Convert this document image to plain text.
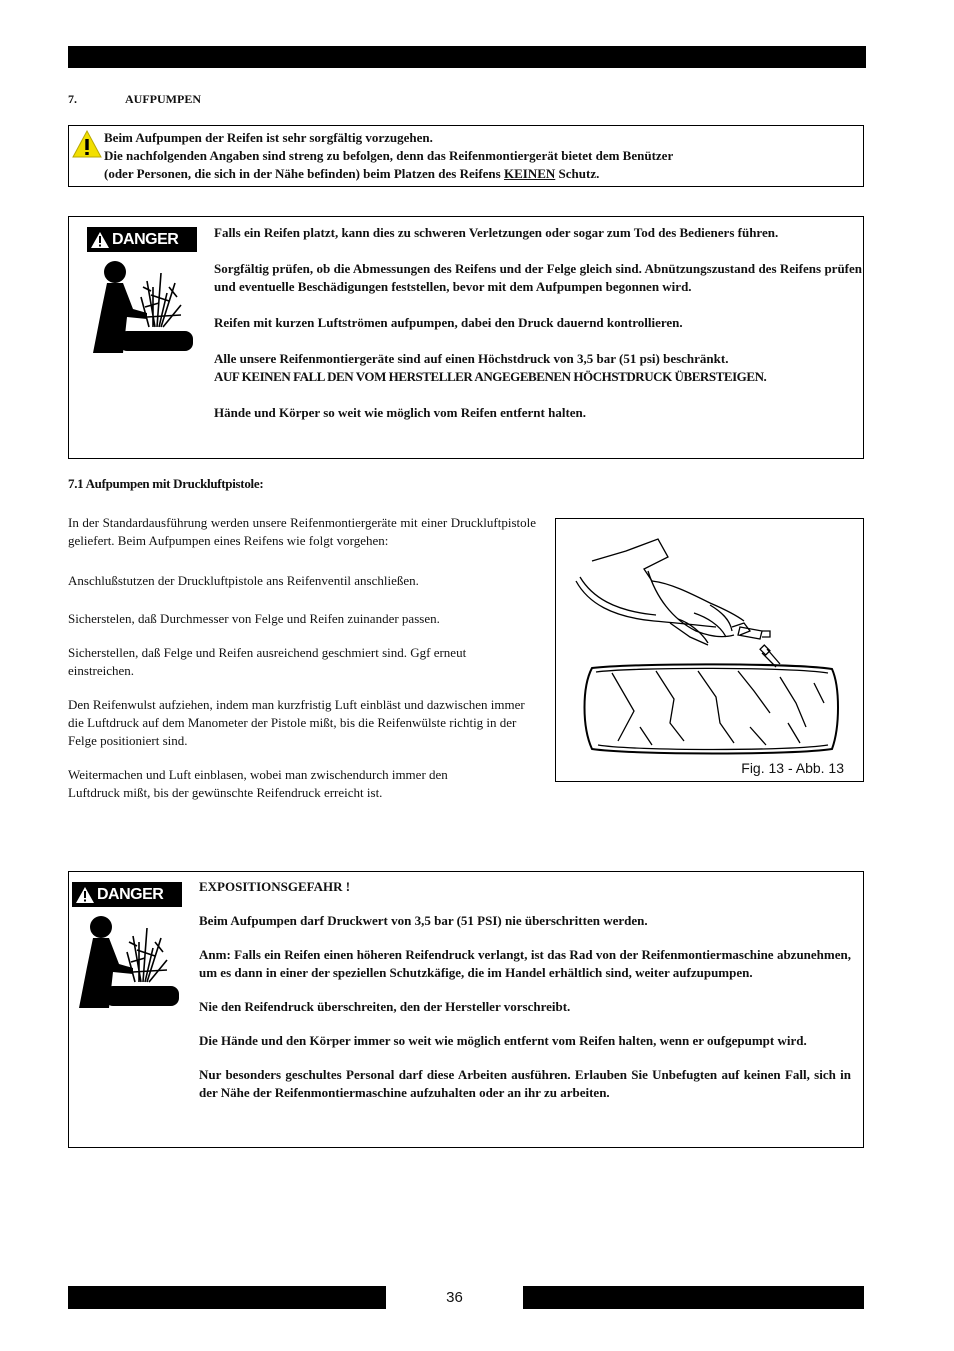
7.	AUFPUMPEN
Beim Aufpumpen der Reifen ist sehr sorgfältig vorzugehen.
Die nachfolgenden Angaben sind streng zu befolgen, denn das Reifenmontiergerät bietet dem Benützer
(oder Personen, die sich in der Nähe befinden) beim Platzen des Reifens KEINEN Schutz.
DANGER	Falls ein Reifen platzt, kann dies zu schweren Verletzungen oder sogar zum Tod des Bedieners führen.

Sorgfältig prüfen, ob die Abmessungen des Reifens und der Felge gleich sind. Abnützungszustand des Reifens prüfen und eventuelle Beschädigungen feststellen, bevor mit dem Aufpumpen begonnen wird.

Reifen mit kurzen Luftströmen aufpumpen, dabei den Druck dauernd kontrollieren.

Alle unsere Reifenmontiergeräte sind auf einen Höchstdruck von 3,5 bar (51 psi) beschränkt.
AUF KEINEN FALL DEN VOM HERSTELLER ANGEGEBENEN HÖCHSTDRUCK ÜBERSTEIGEN.

Hände und Körper so weit wie möglich vom Reifen entfernt halten.

7.1 Aufpumpen mit Druckluftpistole:

In der Standardausführung werden unsere Reifenmontiergeräte mit einer Druckluftpistole geliefert. Beim Aufpumpen eines Reifens wie folgt vorgehen:

Anschlußstutzen der Druckluftpistole ans Reifenventil anschließen.

Sicherstelen, daß Durchmesser von Felge und Reifen zuinander passen.

Sicherstellen, daß Felge und Reifen ausreichend geschmiert sind. Ggf erneut einstreichen.

Den Reifenwulst aufziehen, indem man kurzfristig Luft einbläst und dazwischen immer die Luftdruck auf dem Manometer der Pistole mißt, bis die Reifenwülste richtig in der Felge positioniert sind.

Weitermachen und Luft einblasen, wobei man zwischendurch immer den Luftdruck mißt, bis der gewünschte Reifendruck erreicht ist.

Fig. 13 - Abb. 13
DANGER	EXPOSITIONSGEFAHR !

Beim Aufpumpen darf Druckwert von 3,5 bar (51 PSI) nie überschritten werden.

Anm: Falls ein Reifen einen höheren Reifendruck verlangt, ist das Rad von der Reifenmontiermaschine abzunehmen, um es dann in einer der speziellen Schutzkäfige, die im Handel erhältlich sind, weiter aufzupumpen.

Nie den Reifendruck überschreiten, den der Hersteller vorschreibt.

Die Hände und den Körper immer so weit wie möglich entfernt vom Reifen halten, wenn er oufgepumpt wird.

Nur besonders geschultes Personal darf diese Arbeiten ausführen. Erlauben Sie Unbefugten auf keinen Fall, sich in der Nähe der Reifenmontiermaschine aufzuhalten oder an ihr zu arbeiten.

36
